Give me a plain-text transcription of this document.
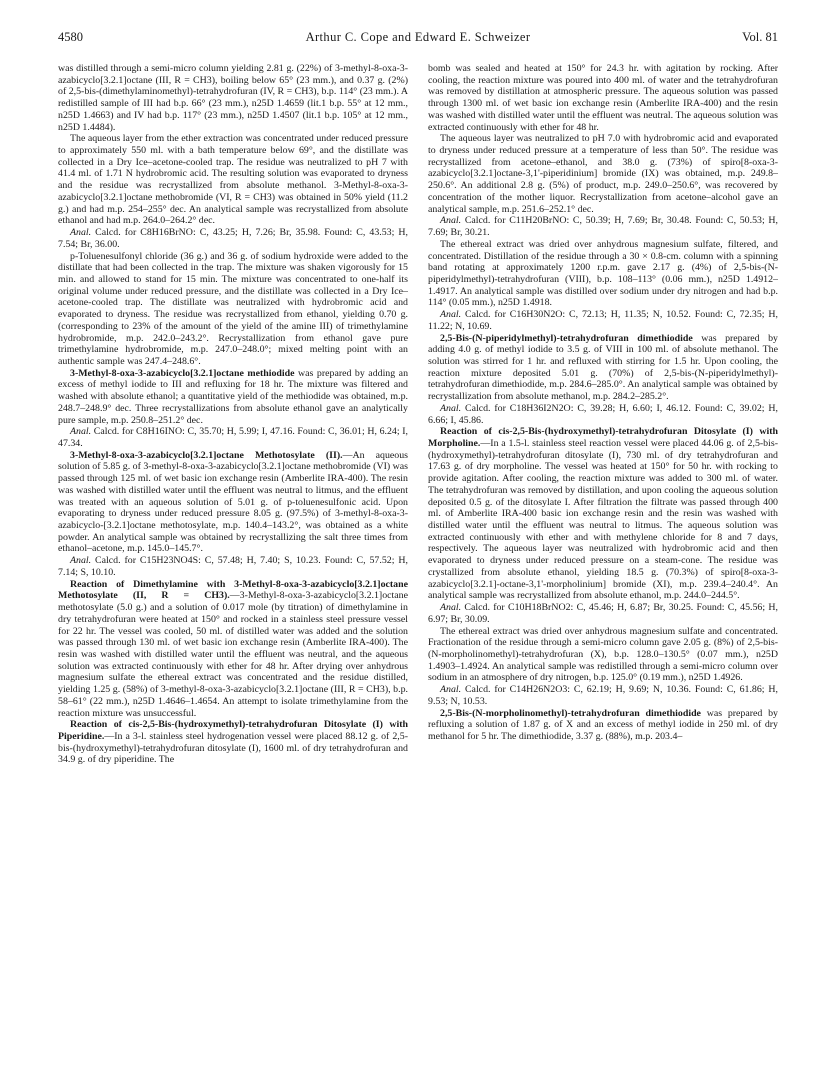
4580	Arthur C. Cope and Edward E. Schweizer	Vol. 81

was distilled through a semi-micro column yielding 2.81 g. (22%) of 3-methyl-8-oxa-3-azabicyclo[3.2.1]octane (III, R = CH3), boiling below 65° (23 mm.), and 0.37 g. (2%) of 2,5-bis-(dimethylaminomethyl)-tetrahydrofuran (IV, R = CH3), b.p. 114° (23 mm.). A redistilled sample of III had b.p. 66° (23 mm.), n25D 1.4659 (lit.1 b.p. 55° at 12 mm., n25D 1.4663) and IV had b.p. 117° (23 mm.), n25D 1.4507 (lit.1 b.p. 105° at 12 mm., n25D 1.4484).

The aqueous layer from the ether extraction was concentrated under reduced pressure to approximately 550 ml. with a bath temperature below 69°, and the distillate was collected in a Dry Ice–acetone-cooled trap. The residue was neutralized to pH 7 with 41.4 ml. of 1.71 N hydrobromic acid. The resulting solution was evaporated to dryness and the residue was recrystallized from absolute methanol. 3-Methyl-8-oxa-3-azabicyclo[3.2.1]octane methobromide (VI, R = CH3) was obtained in 50% yield (11.2 g.) and had m.p. 254–255° dec. An analytical sample was recrystallized from absolute ethanol and had m.p. 264.0–264.2° dec.

Anal. Calcd. for C8H16BrNO: C, 43.25; H, 7.26; Br, 35.98. Found: C, 43.53; H, 7.54; Br, 36.00.

p-Toluenesulfonyl chloride (36 g.) and 36 g. of sodium hydroxide were added to the distillate that had been collected in the trap. The mixture was shaken vigorously for 15 min. and allowed to stand for 15 min. The mixture was concentrated to one-half its original volume under reduced pressure, and the distillate was collected in a Dry Ice–acetone-cooled trap. The distillate was neutralized with hydrobromic acid and evaporated to dryness. The residue was recrystallized from ethanol, yielding 0.70 g. (corresponding to 23% of the amount of the yield of the amine III) of trimethylamine hydrobromide, m.p. 242.0–243.2°. Recrystallization from ethanol gave pure trimethylamine hydrobromide, m.p. 247.0–248.0°; mixed melting point with an authentic sample was 247.4–248.6°.

3-Methyl-8-oxa-3-azabicyclo[3.2.1]octane methiodide was prepared by adding an excess of methyl iodide to III and refluxing for 18 hr. The mixture was filtered and washed with absolute ethanol; a quantitative yield of the methiodide was obtained, m.p. 248.7–248.9° dec. Three recrystallizations from absolute ethanol gave an analytically pure sample, m.p. 250.8–251.2° dec.

Anal. Calcd. for C8H16INO: C, 35.70; H, 5.99; I, 47.16. Found: C, 36.01; H, 6.24; I, 47.34.

3-Methyl-8-oxa-3-azabicyclo[3.2.1]octane Methotosylate (II).—An aqueous solution of 5.85 g. of 3-methyl-8-oxa-3-azabicyclo[3.2.1]octane methobromide (VI) was passed through 125 ml. of wet basic ion exchange resin (Amberlite IRA-400). The resin was washed with distilled water until the effluent was neutral to litmus, and the effluent was treated with an aqueous solution of 5.01 g. of p-toluenesulfonic acid. Upon evaporating to dryness under reduced pressure 8.05 g. (97.5%) of 3-methyl-8-oxa-3-azabicyclo-[3.2.1]octane methotosylate, m.p. 140.4–143.2°, was obtained as a white powder. An analytical sample was obtained by recrystallizing the salt three times from ethanol–acetone, m.p. 145.0–145.7°.

Anal. Calcd. for C15H23NO4S: C, 57.48; H, 7.40; S, 10.23. Found: C, 57.52; H, 7.14; S, 10.10.

Reaction of Dimethylamine with 3-Methyl-8-oxa-3-azabicyclo[3.2.1]octane Methotosylate (II, R = CH3).—3-Methyl-8-oxa-3-azabicyclo[3.2.1]octane methotosylate (5.0 g.) and a solution of 0.017 mole (by titration) of dimethylamine in dry tetrahydrofuran were heated at 150° and rocked in a stainless steel pressure vessel for 22 hr. The vessel was cooled, 50 ml. of distilled water was added and the solution was passed through 130 ml. of wet basic ion exchange resin (Amberlite IRA-400). The resin was washed with distilled water until the effluent was neutral, and the aqueous solution was extracted continuously with ether for 48 hr. After drying over anhydrous magnesium sulfate the ethereal extract was concentrated and the residue distilled, yielding 1.25 g. (58%) of 3-methyl-8-oxa-3-azabicyclo[3.2.1]octane (III, R = CH3), b.p. 58–61° (22 mm.), n25D 1.4646–1.4654. An attempt to isolate trimethylamine from the reaction mixture was unsuccessful.

Reaction of cis-2,5-Bis-(hydroxymethyl)-tetrahydrofuran Ditosylate (I) with Piperidine.—In a 3-l. stainless steel hydrogenation vessel were placed 88.12 g. of 2,5-bis-(hydroxymethyl)-tetrahydrofuran ditosylate (I), 1600 ml. of dry tetrahydrofuran and 34.9 g. of dry piperidine. The

bomb was sealed and heated at 150° for 24.3 hr. with agitation by rocking. After cooling, the reaction mixture was poured into 400 ml. of water and the tetrahydrofuran was removed by distillation at atmospheric pressure. The aqueous solution was passed through 1300 ml. of wet basic ion exchange resin (Amberlite IRA-400) and the resin was washed with distilled water until the effluent was neutral. The aqueous solution was extracted continuously with ether for 48 hr.

The aqueous layer was neutralized to pH 7.0 with hydrobromic acid and evaporated to dryness under reduced pressure at a temperature of less than 50°. The residue was recrystallized from acetone–ethanol, and 38.0 g. (73%) of spiro[8-oxa-3-azabicyclo[3.2.1]octane-3,1'-piperidinium] bromide (IX) was obtained, m.p. 249.8–250.6°. An additional 2.8 g. (5%) of product, m.p. 249.0–250.6°, was recovered by concentration of the mother liquor. Recrystallization from acetone–alcohol gave an analytical sample, m.p. 251.6–252.1° dec.

Anal. Calcd. for C11H20BrNO: C, 50.39; H, 7.69; Br, 30.48. Found: C, 50.53; H, 7.69; Br, 30.21.

The ethereal extract was dried over anhydrous magnesium sulfate, filtered, and concentrated. Distillation of the residue through a 30 × 0.8-cm. column with a spinning band rotating at approximately 1200 r.p.m. gave 2.17 g. (4%) of 2,5-bis-(N-piperidylmethyl)-tetrahydrofuran (VIII), b.p. 108–113° (0.06 mm.), n25D 1.4912–1.4917. An analytical sample was distilled over sodium under dry nitrogen and had b.p. 114° (0.05 mm.), n25D 1.4918.

Anal. Calcd. for C16H30N2O: C, 72.13; H, 11.35; N, 10.52. Found: C, 72.35; H, 11.22; N, 10.69.

2,5-Bis-(N-piperidylmethyl)-tetrahydrofuran dimethiodide was prepared by adding 4.0 g. of methyl iodide to 3.5 g. of VIII in 100 ml. of absolute methanol. The solution was stirred for 1 hr. and refluxed with stirring for 1.5 hr. Upon cooling, the reaction mixture deposited 5.01 g. (70%) of 2,5-bis-(N-piperidylmethyl)-tetrahydrofuran dimethiodide, m.p. 284.6–285.0°. An analytical sample was obtained by recrystallization from absolute methanol, m.p. 284.2–285.2°.

Anal. Calcd. for C18H36I2N2O: C, 39.28; H, 6.60; I, 46.12. Found: C, 39.02; H, 6.66; I, 45.86.

Reaction of cis-2,5-Bis-(hydroxymethyl)-tetrahydrofuran Ditosylate (I) with Morpholine.—In a 1.5-l. stainless steel reaction vessel were placed 44.06 g. of 2,5-bis-(hydroxymethyl)-tetrahydrofuran ditosylate (I), 730 ml. of dry tetrahydrofuran and 17.63 g. of dry morpholine. The vessel was heated at 150° for 50 hr. with rocking to provide agitation. After cooling, the reaction mixture was added to 300 ml. of water. The tetrahydrofuran was removed by distillation, and upon cooling the aqueous solution deposited 0.5 g. of the ditosylate I. After filtration the filtrate was passed through 400 ml. of Amberlite IRA-400 basic ion exchange resin and the resin was washed with distilled water until the effluent was neutral to litmus. The aqueous solution was extracted continuously with ether and with methylene chloride for 8 and 7 days, respectively. The aqueous layer was neutralized with hydrobromic acid and then evaporated to dryness under reduced pressure on a steam-cone. The residue was crystallized from absolute ethanol, yielding 18.5 g. (70.3%) of spiro[8-oxa-3-azabicyclo[3.2.1]-octane-3,1'-morpholinium] bromide (XI), m.p. 239.4–240.4°. An analytical sample was recrystallized from absolute ethanol, m.p. 244.0–244.5°.

Anal. Calcd. for C10H18BrNO2: C, 45.46; H, 6.87; Br, 30.25. Found: C, 45.56; H, 6.97; Br, 30.09.

The ethereal extract was dried over anhydrous magnesium sulfate and concentrated. Fractionation of the residue through a semi-micro column gave 2.05 g. (8%) of 2,5-bis-(N-morpholinomethyl)-tetrahydrofuran (X), b.p. 128.0–130.5° (0.07 mm.), n25D 1.4903–1.4924. An analytical sample was redistilled through a semi-micro column over sodium in an atmosphere of dry nitrogen, b.p. 125.0° (0.19 mm.), n25D 1.4926.

Anal. Calcd. for C14H26N2O3: C, 62.19; H, 9.69; N, 10.36. Found: C, 61.86; H, 9.53; N, 10.53.

2,5-Bis-(N-morpholinomethyl)-tetrahydrofuran dimethiodide was prepared by refluxing a solution of 1.87 g. of X and an excess of methyl iodide in 250 ml. of dry methanol for 5 hr. The dimethiodide, 3.37 g. (88%), m.p. 203.4–
